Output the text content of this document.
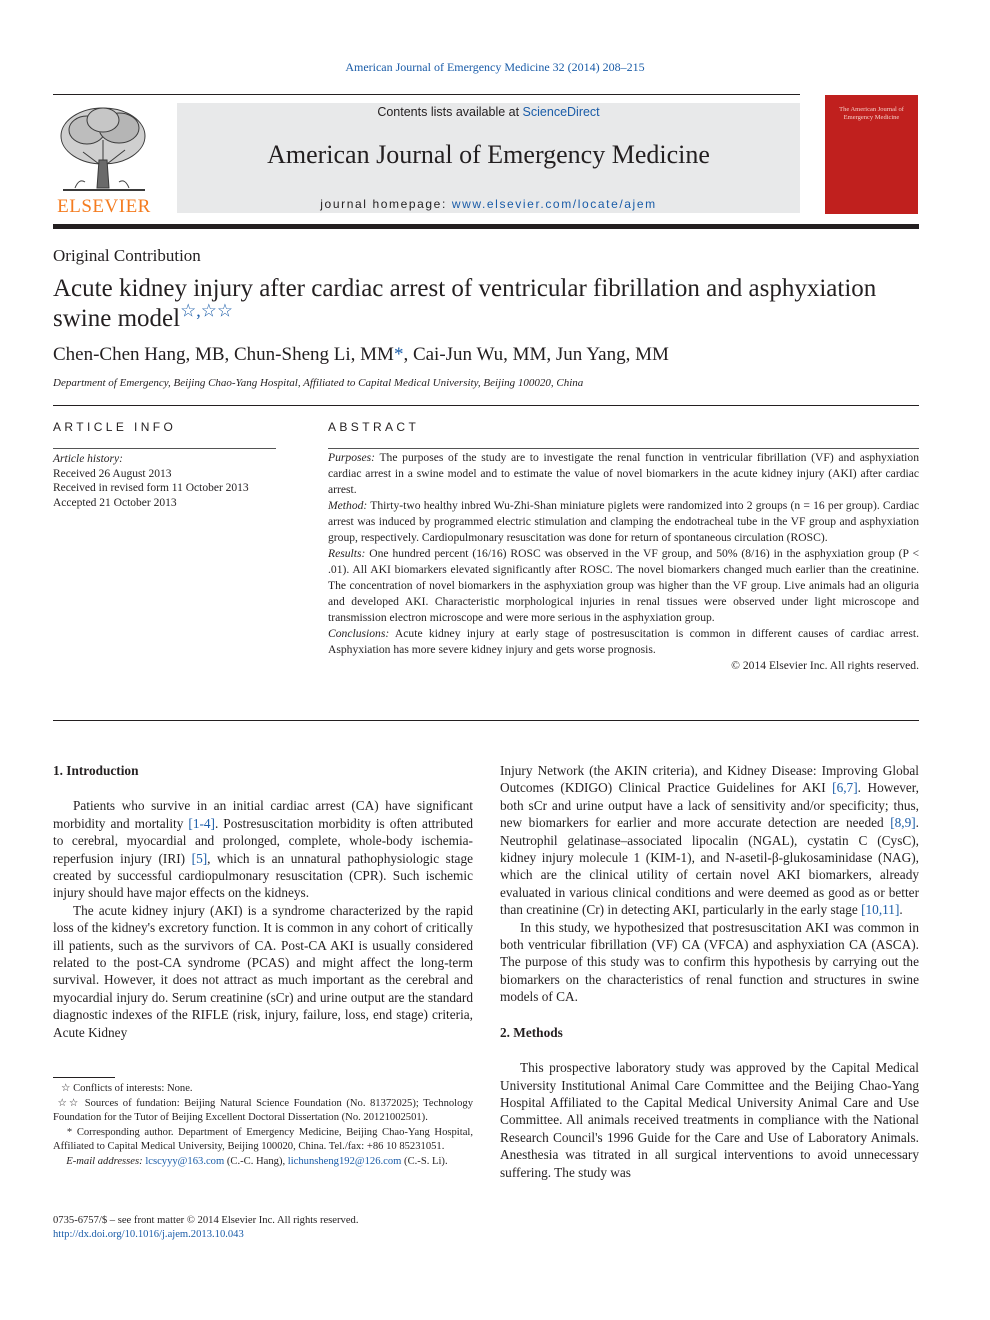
American Journal of Emergency Medicine 32 (2014) 208–215
ELSEVIER
Contents lists available at ScienceDirect
American Journal of Emergency Medicine
journal homepage: www.elsevier.com/locate/ajem
The American Journal of Emergency Medicine
Original Contribution
Acute kidney injury after cardiac arrest of ventricular fibrillation and asphyxiation swine model☆,☆☆
Chen-Chen Hang, MB, Chun-Sheng Li, MM*, Cai-Jun Wu, MM, Jun Yang, MM
Department of Emergency, Beijing Chao-Yang Hospital, Affiliated to Capital Medical University, Beijing 100020, China
ARTICLE INFO
Article history:
Received 26 August 2013
Received in revised form 11 October 2013
Accepted 21 October 2013
ABSTRACT

Purposes: The purposes of the study are to investigate the renal function in ventricular fibrillation (VF) and asphyxiation cardiac arrest in a swine model and to estimate the value of novel biomarkers in the acute kidney injury (AKI) after cardiac arrest.

Method: Thirty-two healthy inbred Wu-Zhi-Shan miniature piglets were randomized into 2 groups (n = 16 per group). Cardiac arrest was induced by programmed electric stimulation and clamping the endotracheal tube in the VF group and asphyxiation group, respectively. Cardiopulmonary resuscitation was done for return of spontaneous circulation (ROSC).

Results: One hundred percent (16/16) ROSC was observed in the VF group, and 50% (8/16) in the asphyxiation group (P < .01). All AKI biomarkers elevated significantly after ROSC. The novel biomarkers changed much earlier than the creatinine. The concentration of novel biomarkers in the asphyxiation group was higher than the VF group. Live animals had an oliguria and developed AKI. Characteristic morphological injuries in renal tissues were observed under light microscope and transmission electron microscope and were more serious in the asphyxiation group.

Conclusions: Acute kidney injury at early stage of postresuscitation is common in different causes of cardiac arrest. Asphyxiation has more severe kidney injury and gets worse prognosis.

© 2014 Elsevier Inc. All rights reserved.

1. Introduction

Patients who survive in an initial cardiac arrest (CA) have significant morbidity and mortality [1-4]. Postresuscitation morbidity is often attributed to cerebral, myocardial and prolonged, complete, whole-body ischemia-reperfusion injury (IRI) [5], which is an unnatural pathophysiologic stage created by successful cardiopulmonary resuscitation (CPR). Such ischemic injury should have major effects on the kidneys.

The acute kidney injury (AKI) is a syndrome characterized by the rapid loss of the kidney's excretory function. It is common in any cohort of critically ill patients, such as the survivors of CA. Post-CA AKI is usually considered related to the post-CA syndrome (PCAS) and might affect the long-term survival. However, it does not attract as much important as the cerebral and myocardial injury do. Serum creatinine (sCr) and urine output are the standard diagnostic indexes of the RIFLE (risk, injury, failure, loss, end stage) criteria, Acute Kidney

Injury Network (the AKIN criteria), and Kidney Disease: Improving Global Outcomes (KDIGO) Clinical Practice Guidelines for AKI [6,7]. However, both sCr and urine output have a lack of sensitivity and/or specificity; thus, new biomarkers for earlier and more accurate detection are needed [8,9]. Neutrophil gelatinase–associated lipocalin (NGAL), cystatin C (CysC), kidney injury molecule 1 (KIM-1), and N-asetil-β-glukosaminidase (NAG), which are the clinical utility of certain novel AKI biomarkers, already evaluated in various clinical conditions and were deemed as good as or better than creatinine (Cr) in detecting AKI, particularly in the early stage [10,11].

In this study, we hypothesized that postresuscitation AKI was common in both ventricular fibrillation (VF) CA (VFCA) and asphyxiation CA (ASCA). The purpose of this study was to confirm this hypothesis by carrying out the biomarkers on the characteristics of renal function and structures in swine models of CA.

2. Methods

This prospective laboratory study was approved by the Capital Medical University Institutional Animal Care Committee and the Beijing Chao-Yang Hospital Affiliated to the Capital Medical University Animal Care and Use Committee. All animals received treatments in compliance with the National Research Council's 1996 Guide for the Care and Use of Laboratory Animals. Anesthesia was titrated in all surgical interventions to avoid unnecessary suffering. The study was

☆ Conflicts of interests: None.

☆☆ Sources of fundation: Beijing Natural Science Foundation (No. 81372025); Technology Foundation for the Tutor of Beijing Excellent Doctoral Dissertation (No. 20121002501).

* Corresponding author. Department of Emergency Medicine, Beijing Chao-Yang Hospital, Affiliated to Capital Medical University, Beijing 100020, China. Tel./fax: +86 10 85231051.

E-mail addresses: lcscyyy@163.com (C.-C. Hang), lichunsheng192@126.com (C.-S. Li).

0735-6757/$ – see front matter © 2014 Elsevier Inc. All rights reserved.
http://dx.doi.org/10.1016/j.ajem.2013.10.043
